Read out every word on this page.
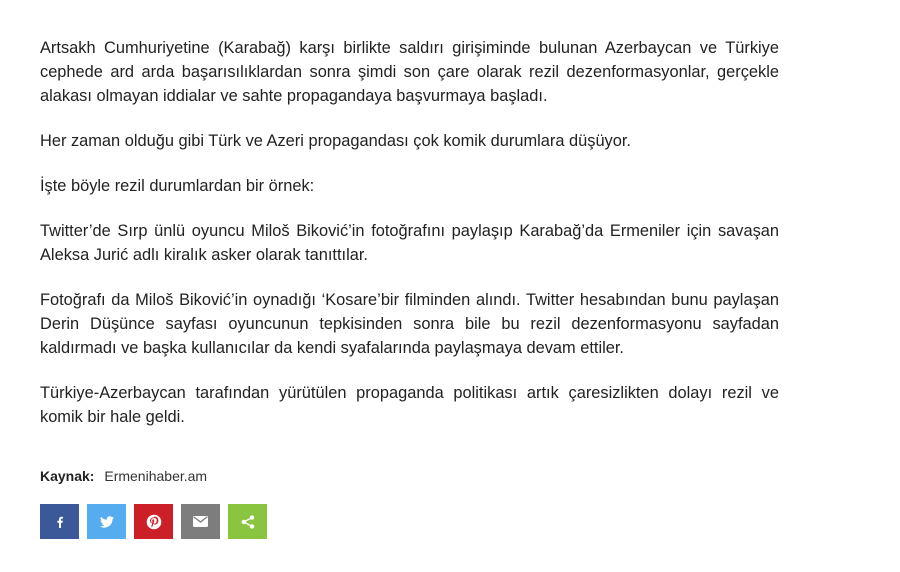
Artsakh Cumhuriyetine (Karabağ) karşı birlikte saldırı girişiminde bulunan Azerbaycan ve Türkiye cephede ard arda başarısılıklardan sonra şimdi son çare olarak rezil dezenformasyonlar, gerçekle alakası olmayan iddialar ve sahte propagandaya başvurmaya başladı.

Her zaman olduğu gibi Türk ve Azeri propagandası çok komik durumlara düşüyor.

İşte böyle rezil durumlardan bir örnek:

Twitter’de Sırp ünlü oyuncu Miloš Biković’in fotoğrafını paylaşıp Karabağ’da Ermeniler için savaşan Aleksa Jurić adlı kiralık asker olarak tanıttılar.

Fotoğrafı da Miloš Biković’in oynadığı ‘Kosare’bir filminden alındı. Twitter hesabından bunu paylaşan Derin Düşünce sayfası oyuncunun tepkisinden sonra bile bu rezil dezenformasyonu sayfadan kaldırmadı ve başka kullanıcılar da kendi syafalarında paylaşmaya devam ettiler.

Türkiye-Azerbaycan tarafından yürütülen propaganda politikası artık çaresizlikten dolayı rezil ve komik bir hale geldi.

Kaynak: Ermenihaber.am
